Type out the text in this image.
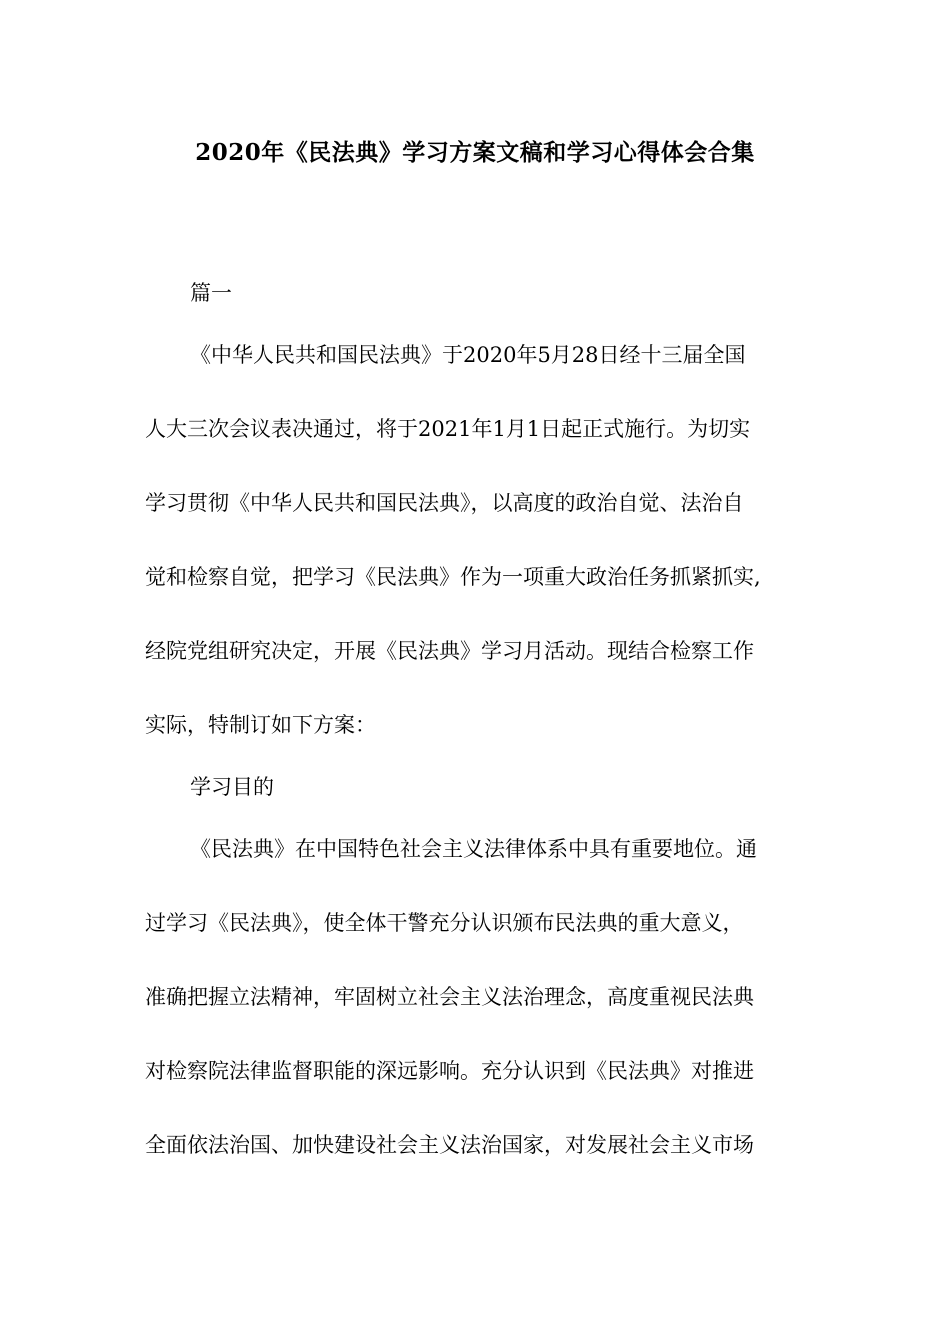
2020年《民法典》学习方案文稿和学习心得体会合集
篇一
《中华人民共和国民法典》于2020年5月28日经十三届全国
人大三次会议表决通过，将于2021年1月1日起正式施行。为切实
学习贯彻《中华人民共和国民法典》，以高度的政治自觉、法治自
觉和检察自觉，把学习《民法典》作为一项重大政治任务抓紧抓实,
经院党组研究决定，开展《民法典》学习月活动。现结合检察工作
实际，特制订如下方案：
学习目的
《民法典》在中国特色社会主义法律体系中具有重要地位。通
过学习《民法典》，使全体干警充分认识颁布民法典的重大意义，
准确把握立法精神，牢固树立社会主义法治理念，高度重视民法典
对检察院法律监督职能的深远影响。充分认识到《民法典》对推进
全面依法治国、加快建设社会主义法治国家，对发展社会主义市场
